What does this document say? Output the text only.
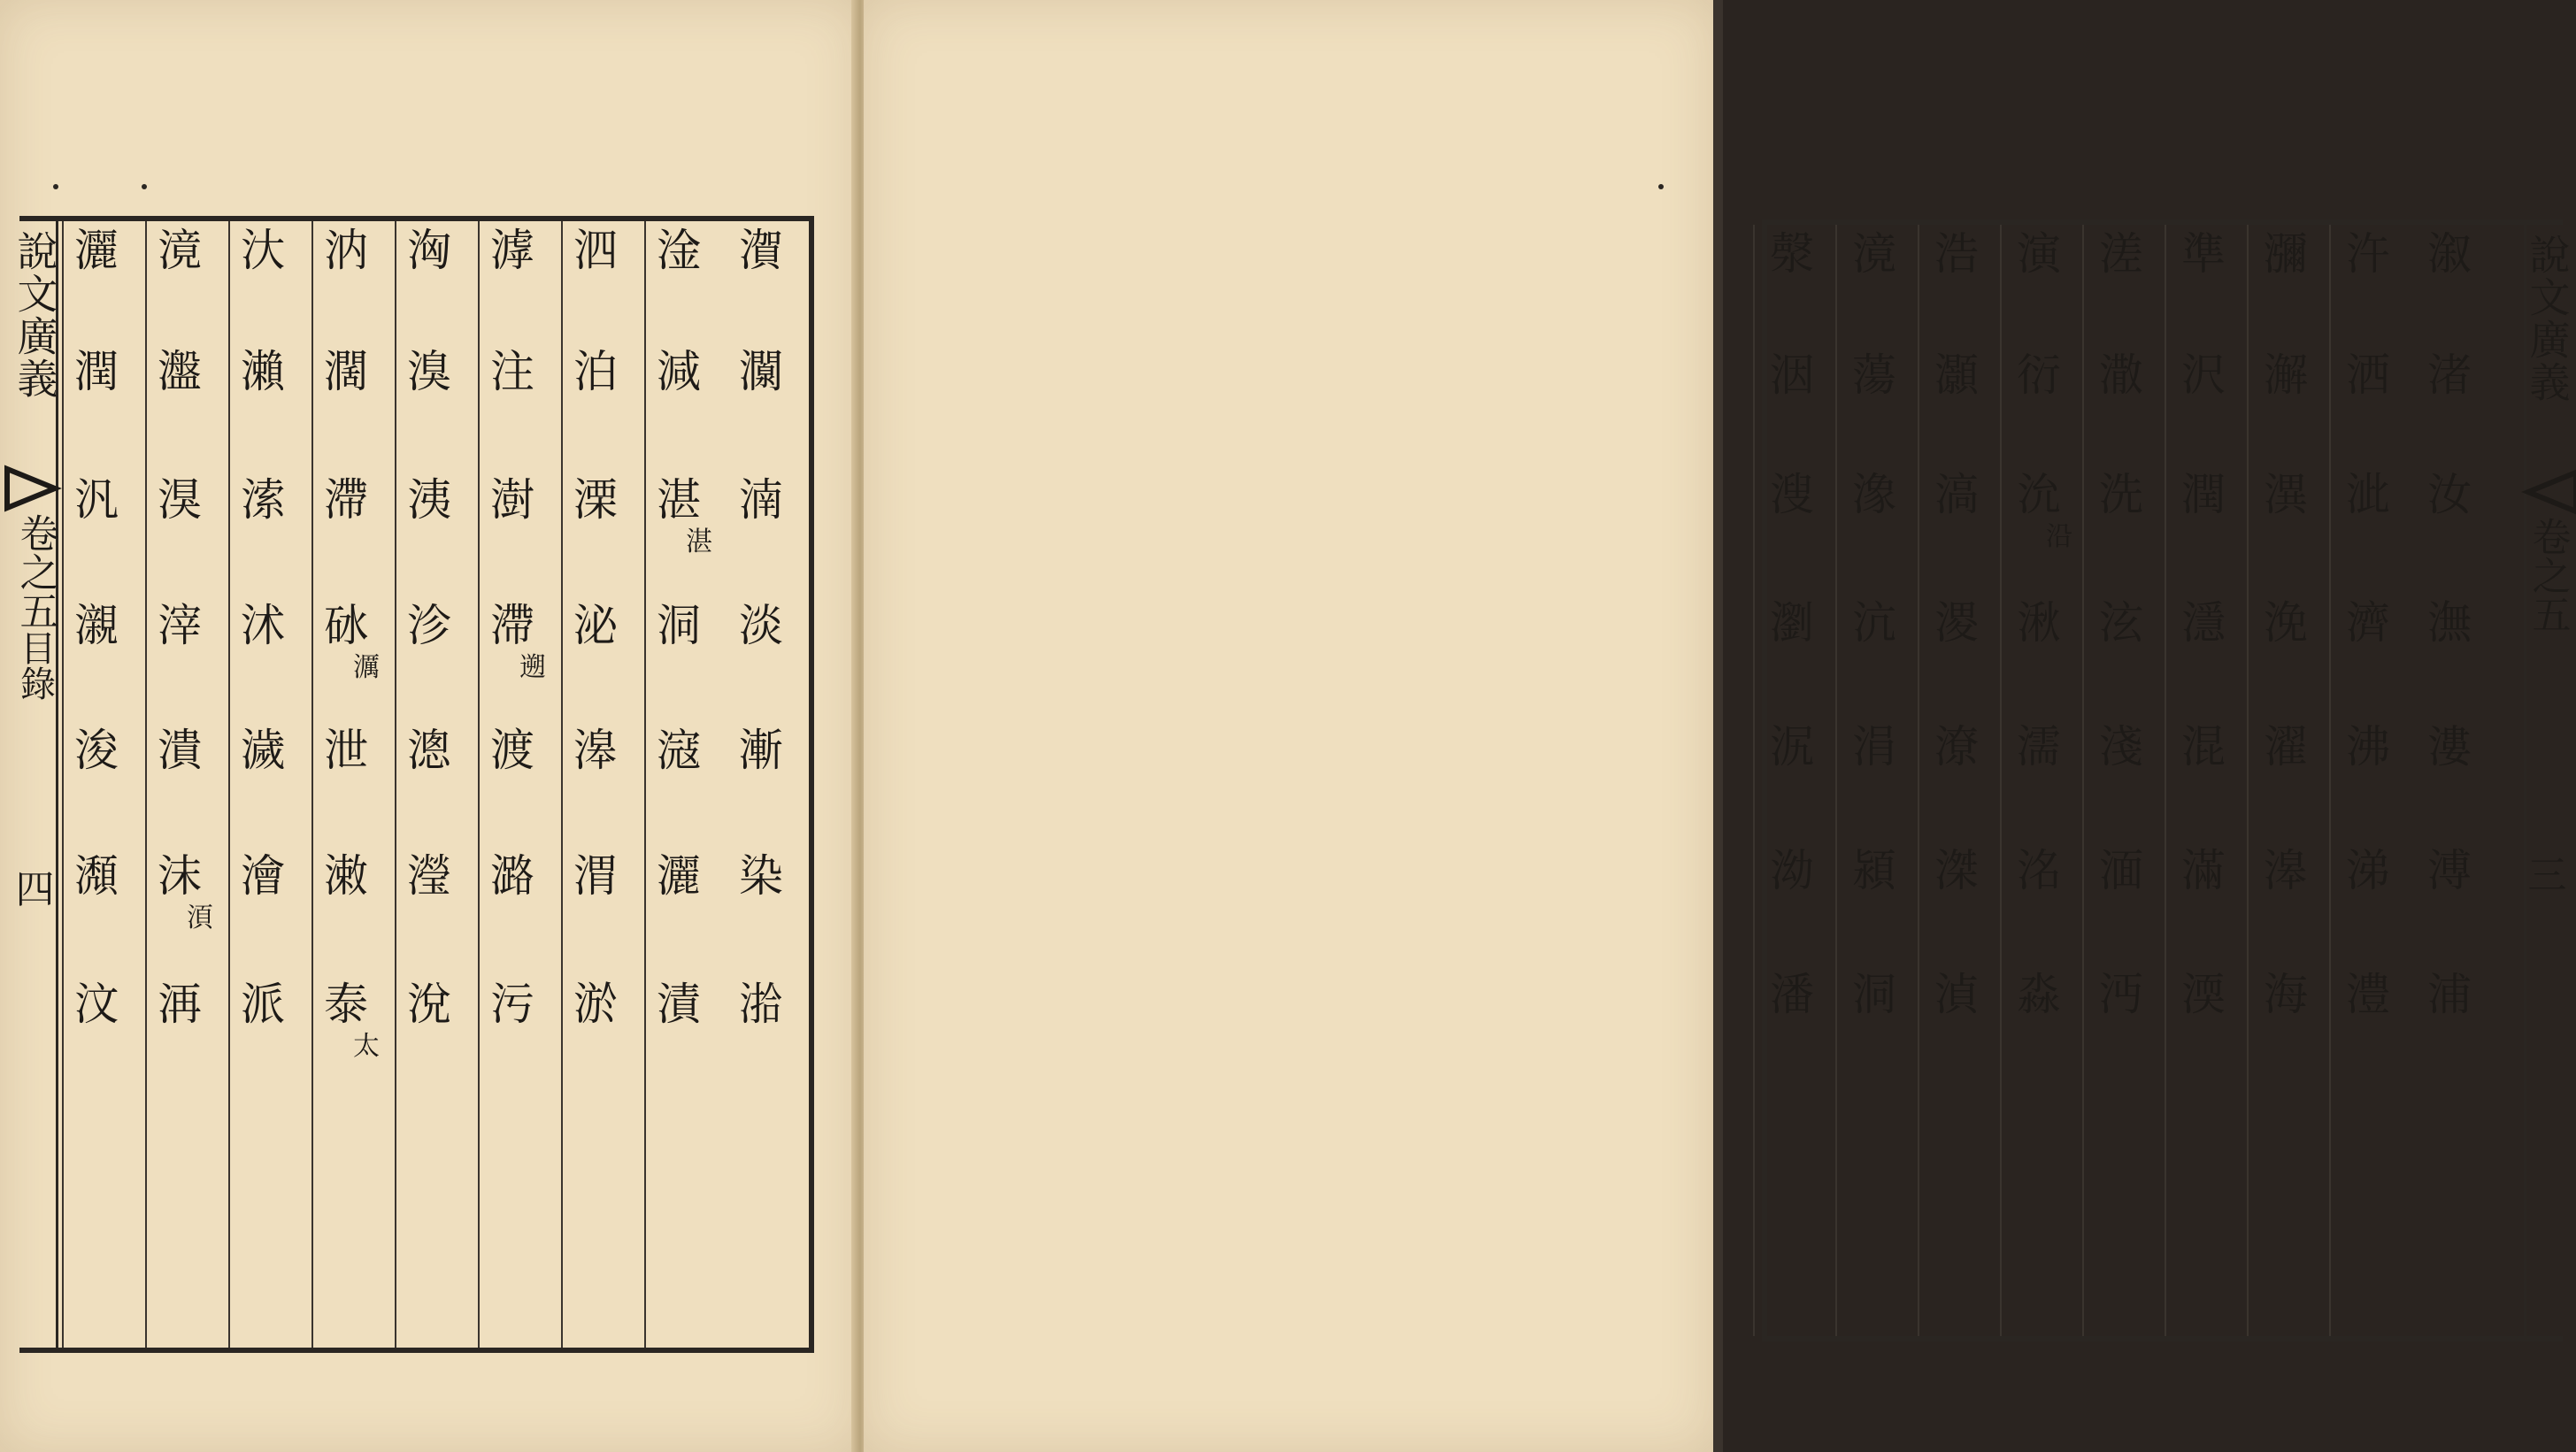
說文廣義
卷之五
目錄
四
㵑
灁
湳
淡
漸
染
湁
淦
減
湛
湛
洞
滱
灑
漬
泗
泊
溧
泌
滜
渭
淤
滹
注
澍
滯
遡
渡
潞
污
洶
溴
洟
沴
漗
瀅
涗
汭
濶
滯
砅
濿
泄
潄
泰
太
汏
瀨
溹
沭
濊
澮
派
滰
瀊
湨
滓
潰
沫
湏
洅
灑
潤
汎
瀙
浚
瀩
汶
溆
渚
汝
潕
漊
溥
浦
汻
洒
泚
濟
沸
涕
澧
瀰
澥
潩
浼
濯
滜
海
準
沢
潤
濦
混
滿
渜
溠
潵
洗
泫
淺
湎
沔
演
衍
沇
沿
湫
濡
洺
淼
浩
灝
滈
溭
潦
滐
湞
滰
蕩
潒
沆
涓
潁
洞
漀
洇
溲
瀏
泦
泑
潘
說文廣義
卷之五
三
